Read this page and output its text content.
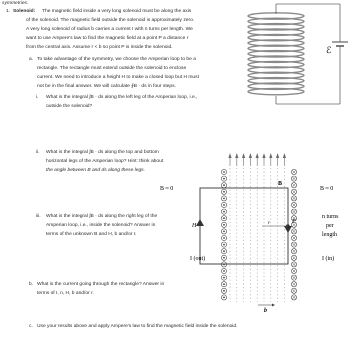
symmetries.

1. Solenoid: The magnetic field inside a very long solenoid must be along the axis

of the solenoid. The magnetic field outside the solenoid is approximately zero.

A very long solenoid of radius b carries a current I with n turns per length. We

want to use Ampere's law to find the magnetic field at a point P a distance r

from the central axis. Assume r < b so point P is inside the solenoid.

a. To take advantage of the symmetry, we choose the Amperian loop to be a

rectangle. The rectangle must extend outside the solenoid to enclose

current. We need to introduce a height H to make a closed loop but H must

not be in the final answer. We will calculate ∮B · ds in four steps.

i. What is the integral ∫B · ds along the left leg of the Amperian loop, i.e.,

outside the solenoid?

ii. What is the integral ∫B · ds along the top and bottom

horizontal legs of the Amperian loop? Hint: think about

the angle between B and ds along these legs.

iii. What is the integral ∫B · ds along the right leg of the

Amperian loop, i.e., inside the solenoid? Answer in

terms of the unknown B and H, b and/or r.

b. What is the current going through the rectangle? Answer in

terms of I, n, H, b and/or r.

c. Use your results above and apply Ampere's law to find the magnetic field inside the solenoid.

ℰ
B ≈ 0
B
B ≈ 0
H
P
r
b
I (out)	I (in)
n turns
per
length
